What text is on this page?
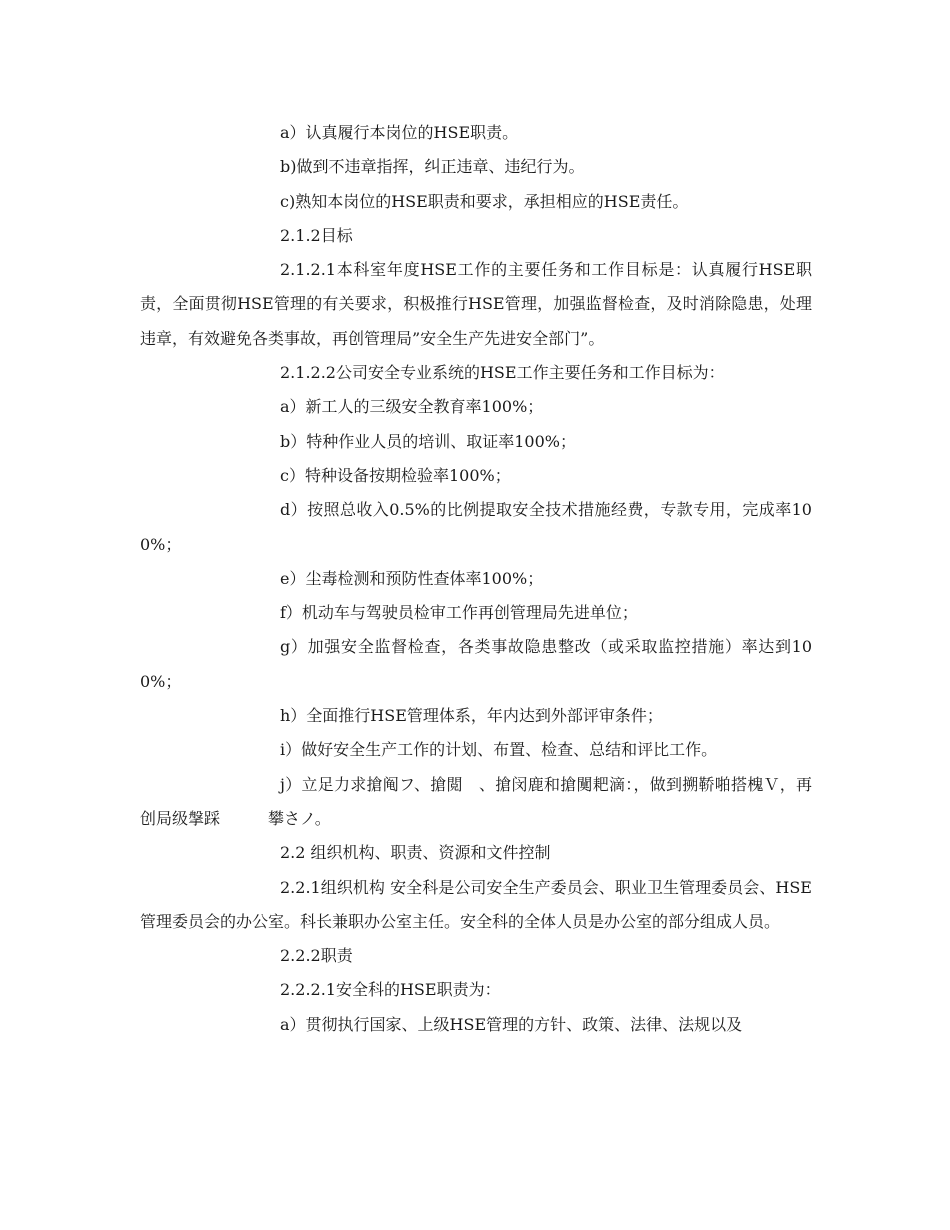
a）认真履行本岗位的HSE职责。

b)做到不违章指挥，纠正违章、违纪行为。

c)熟知本岗位的HSE职责和要求，承担相应的HSE责任。

2.1.2目标

2.1.2.1本科室年度HSE工作的主要任务和工作目标是：认真履行HSE职责，全面贯彻HSE管理的有关要求，积极推行HSE管理，加强监督检查，及时消除隐患，处理违章，有效避免各类事故，再创管理局”安全生产先进安全部门”。

2.1.2.2公司安全专业系统的HSE工作主要任务和工作目标为：

a）新工人的三级安全教育率100%；

b）特种作业人员的培训、取证率100%；

c）特种设备按期检验率100%；

d）按照总收入0.5%的比例提取安全技术措施经费，专款专用，完成率100%；

e）尘毒检测和预防性查体率100%；

f）机动车与驾驶员检审工作再创管理局先进单位；

g）加强安全监督检查，各类事故隐患整改（或采取监控措施）率达到100%；

h）全面推行HSE管理体系，年内达到外部评审条件；

i）做好安全生产工作的计划、布置、检查、总结和评比工作。

j）立足力求搶阄フ、搶閲　、搶闵鹿和搶闃耙滴：，做到搠鞒啪搭槐Ｖ，再创局级搫踩　　　攀さノ。

2.2 组织机构、职责、资源和文件控制

2.2.1组织机构 安全科是公司安全生产委员会、职业卫生管理委员会、HSE管理委员会的办公室。科长兼职办公室主任。安全科的全体人员是办公室的部分组成人员。

2.2.2职责

2.2.2.1安全科的HSE职责为：

a）贯彻执行国家、上级HSE管理的方针、政策、法律、法规以及
